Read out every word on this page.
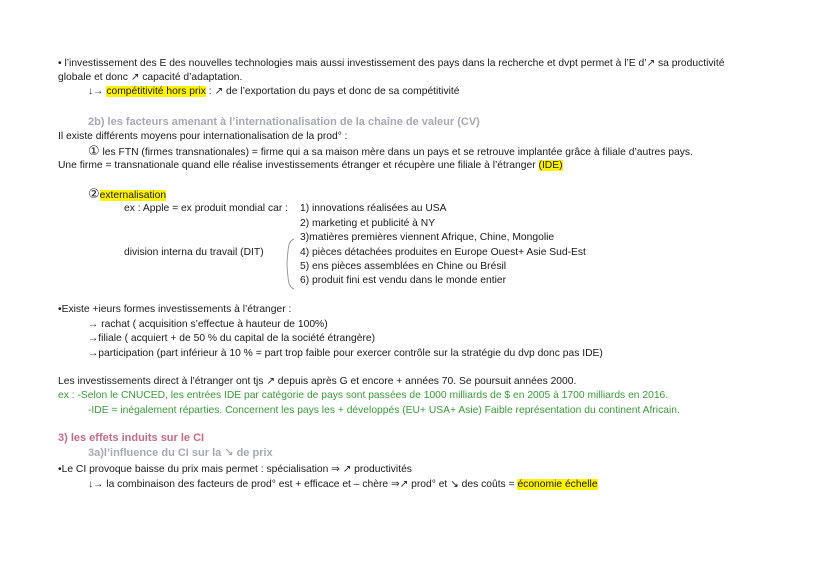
• l’investissement des E des nouvelles technologies mais aussi investissement des pays dans la recherche et dvpt permet à l’E d’↗ sa productivité
globale et donc ↗ capacité d’adaptation.
↓→ compétitivité hors prix : ↗ de l’exportation du pays et donc de sa compétitivité
2b) les facteurs amenant à l’internationalisation de la chaîne de valeur (CV)
Il existe différents moyens pour internationalisation de la prod° :
① les FTN (firmes transnationales) = firme qui a sa maison mère dans un pays et se retrouve implantée grâce à filiale d’autres pays.
Une firme = transnationale quand elle réalise investissements étranger et récupère une filiale à l’étranger (IDE)
②externalisation
ex : Apple = ex produit mondial car :
division interna du travail (DIT)
1) innovations réalisées au USA
2) marketing et publicité à NY
3)matières premières viennent Afrique, Chine, Mongolie
4) pièces détachées produites en Europe Ouest+ Asie Sud-Est
5) ens pièces assemblées en Chine ou Brésil
6) produit fini est vendu dans le monde entier
•Existe +ieurs formes investissements à l’étranger :
→ rachat ( acquisition s’effectue à hauteur de 100%)
→filiale ( acquiert + de 50 % du capital de la société étrangère)
→participation (part inférieur à 10 % = part trop faible pour exercer contrôle sur la stratégie du dvp donc pas IDE)
Les investissements direct à l’étranger ont tjs ↗ depuis après G et encore + années 70. Se poursuit années 2000.
ex : -Selon le CNUCED, les entrées IDE par catégorie de pays sont passées de 1000 milliards de $ en 2005 à 1700 milliards en 2016.
-IDE = inégalement réparties. Concernent les pays les + développés (EU+ USA+ Asie) Faible représentation du continent Africain.
3) les effets induits sur le CI
3a)l’influence du CI sur la ↘ de prix
•Le CI provoque baisse du prix mais permet : spécialisation ⇒ ↗ productivités
↓→ la combinaison des facteurs de prod° est + efficace et – chère ⇒↗ prod° et ↘ des coûts = économie échelle
